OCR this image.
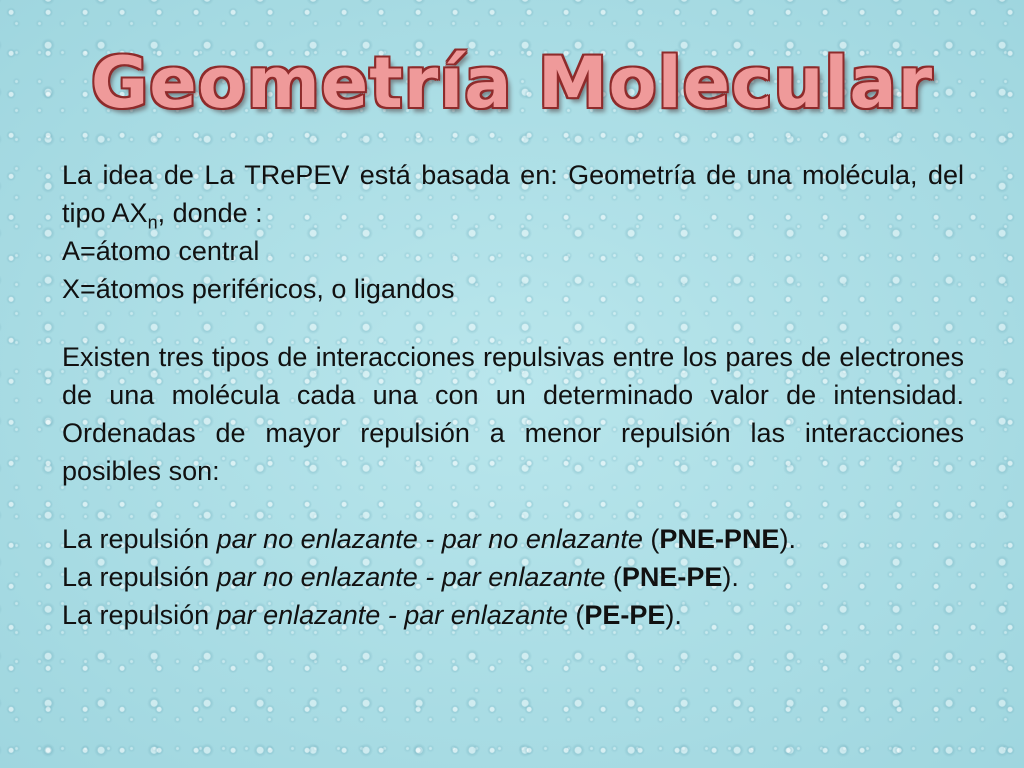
Geometría Molecular

La idea de La TRePEV está basada en: Geometría de una molécula, del tipo $AX_n$, donde :

A=átomo central

X=átomos periféricos, o ligandos

Existen tres tipos de interacciones repulsivas entre los pares de electrones de una molécula cada una con un determinado valor de intensidad. Ordenadas de mayor repulsión a menor repulsión las interacciones posibles son:

La repulsión par no enlazante - par no enlazante (PNE-PNE).

La repulsión par no enlazante - par enlazante (PNE-PE).

La repulsión par enlazante - par enlazante (PE-PE).
